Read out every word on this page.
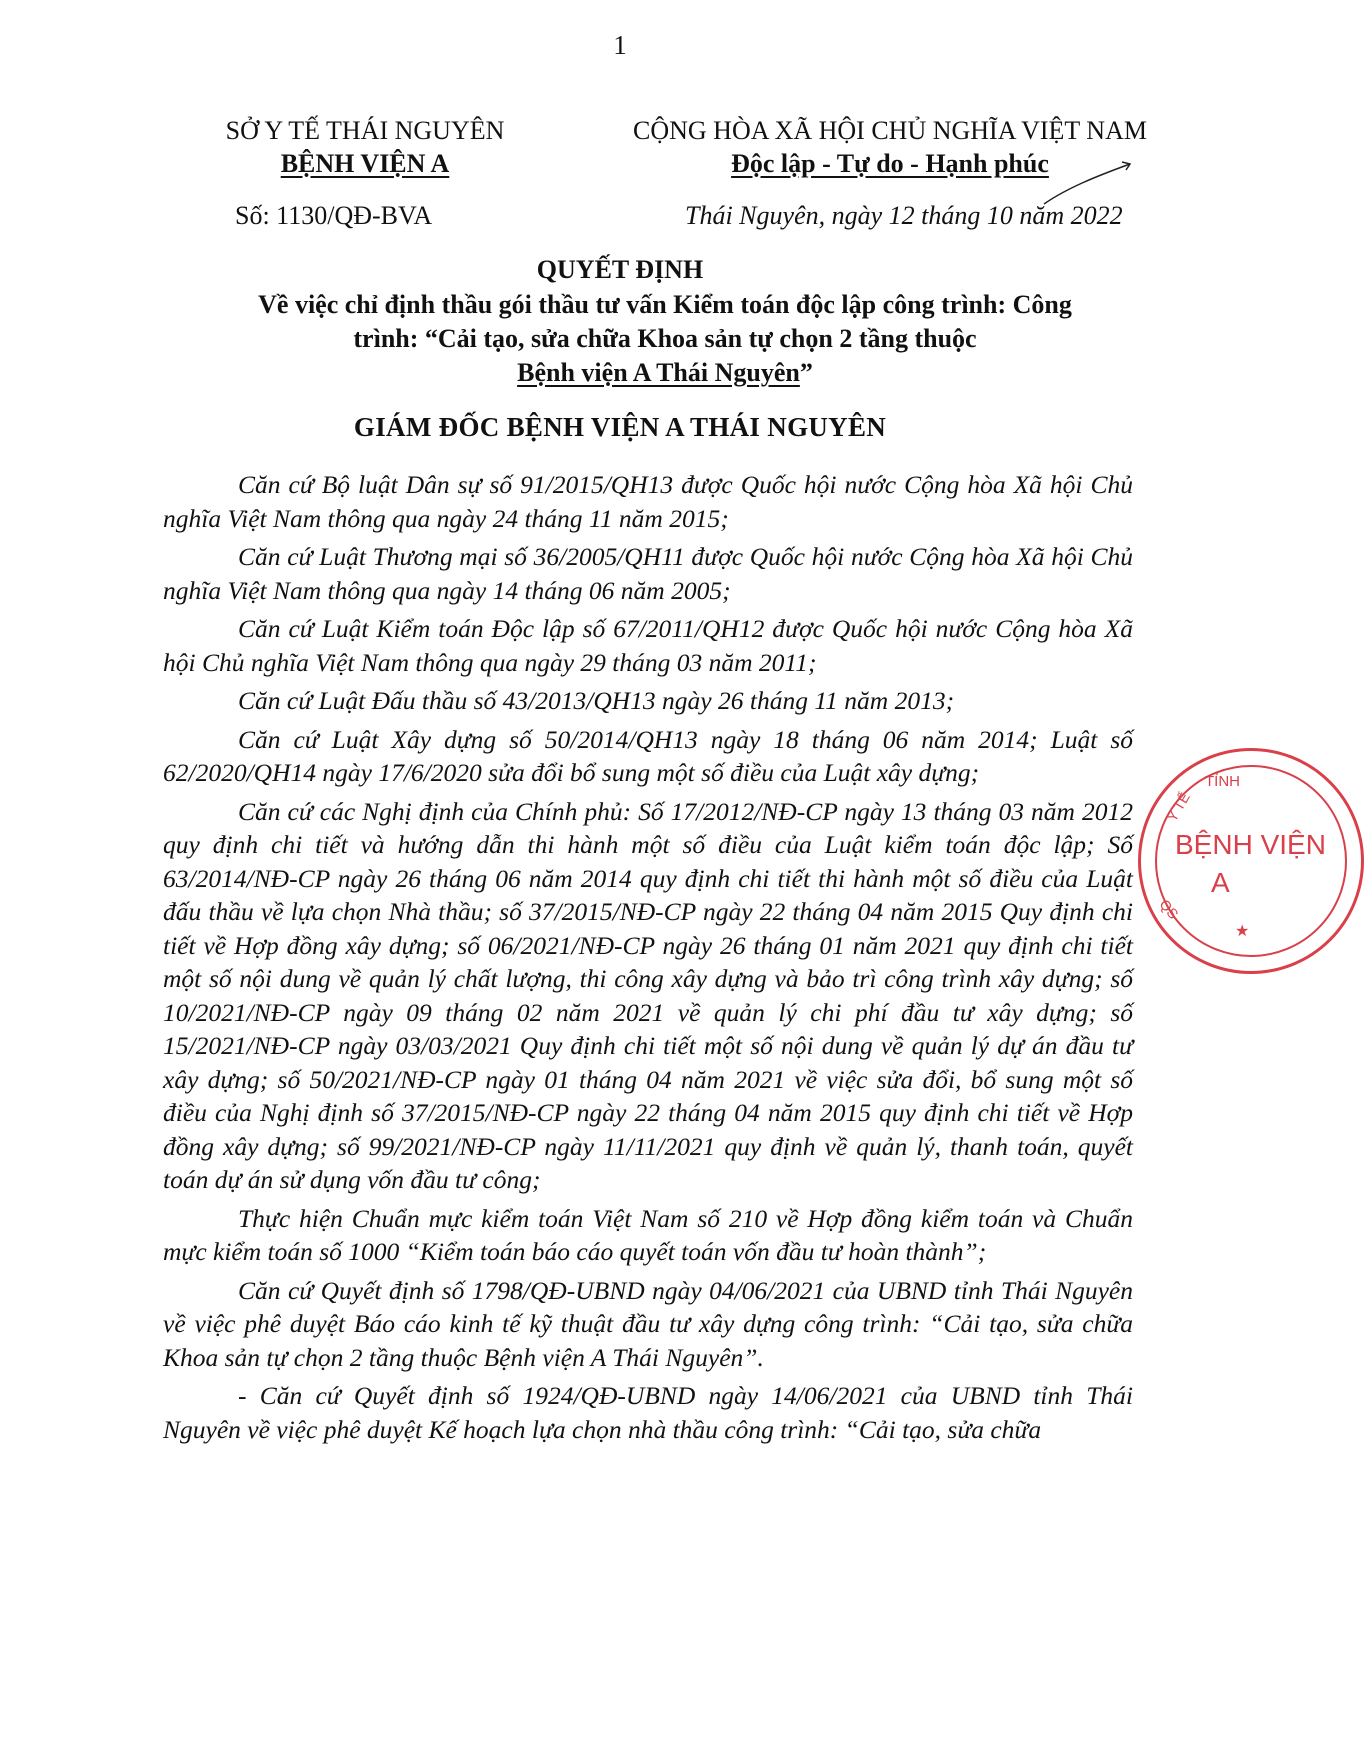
1
SỞ Y TẾ THÁI NGUYÊN
BỆNH VIỆN A
CỘNG HÒA XÃ HỘI CHỦ NGHĨA VIỆT NAM
Độc lập - Tự do - Hạnh phúc
Số: 1130/QĐ-BVA	Thái Nguyên, ngày 12 tháng 10 năm 2022
QUYẾT ĐỊNH
Về việc chỉ định thầu gói thầu tư vấn Kiểm toán độc lập công trình: Công
trình: “Cải tạo, sửa chữa Khoa sản tự chọn 2 tầng thuộc
Bệnh viện A Thái Nguyên”
GIÁM ĐỐC BỆNH VIỆN A THÁI NGUYÊN

Căn cứ Bộ luật Dân sự số 91/2015/QH13 được Quốc hội nước Cộng hòa Xã hội Chủ nghĩa Việt Nam thông qua ngày 24 tháng 11 năm 2015;

Căn cứ Luật Thương mại số 36/2005/QH11 được Quốc hội nước Cộng hòa Xã hội Chủ nghĩa Việt Nam thông qua ngày 14 tháng 06 năm 2005;

Căn cứ Luật Kiểm toán Độc lập số 67/2011/QH12 được Quốc hội nước Cộng hòa Xã hội Chủ nghĩa Việt Nam thông qua ngày 29 tháng 03 năm 2011;

Căn cứ Luật Đấu thầu số 43/2013/QH13 ngày 26 tháng 11 năm 2013;

Căn cứ Luật Xây dựng số 50/2014/QH13 ngày 18 tháng 06 năm 2014; Luật số 62/2020/QH14 ngày 17/6/2020 sửa đổi bổ sung một số điều của Luật xây dựng;

Căn cứ các Nghị định của Chính phủ: Số 17/2012/NĐ-CP ngày 13 tháng 03 năm 2012 quy định chi tiết và hướng dẫn thi hành một số điều của Luật kiểm toán độc lập; Số 63/2014/NĐ-CP ngày 26 tháng 06 năm 2014 quy định chi tiết thi hành một số điều của Luật đấu thầu về lựa chọn Nhà thầu; số 37/2015/NĐ-CP ngày 22 tháng 04 năm 2015 Quy định chi tiết về Hợp đồng xây dựng; số 06/2021/NĐ-CP ngày 26 tháng 01 năm 2021 quy định chi tiết một số nội dung về quản lý chất lượng, thi công xây dựng và bảo trì công trình xây dựng; số 10/2021/NĐ-CP ngày 09 tháng 02 năm 2021 về quản lý chi phí đầu tư xây dựng; số 15/2021/NĐ-CP ngày 03/03/2021 Quy định chi tiết một số nội dung về quản lý dự án đầu tư xây dựng; số 50/2021/NĐ-CP ngày 01 tháng 04 năm 2021 về việc sửa đổi, bổ sung một số điều của Nghị định số 37/2015/NĐ-CP ngày 22 tháng 04 năm 2015 quy định chi tiết về Hợp đồng xây dựng; số 99/2021/NĐ-CP ngày 11/11/2021 quy định về quản lý, thanh toán, quyết toán dự án sử dụng vốn đầu tư công;

Thực hiện Chuẩn mực kiểm toán Việt Nam số 210 về Hợp đồng kiểm toán và Chuẩn mực kiểm toán số 1000 “Kiểm toán báo cáo quyết toán vốn đầu tư hoàn thành”;

Căn cứ Quyết định số 1798/QĐ-UBND ngày 04/06/2021 của UBND tỉnh Thái Nguyên về việc phê duyệt Báo cáo kinh tế kỹ thuật đầu tư xây dựng công trình: “Cải tạo, sửa chữa Khoa sản tự chọn 2 tầng thuộc Bệnh viện A Thái Nguyên”.

- Căn cứ Quyết định số 1924/QĐ-UBND ngày 14/06/2021 của UBND tỉnh Thái Nguyên về việc phê duyệt Kế hoạch lựa chọn nhà thầu công trình: “Cải tạo, sửa chữa

TỈNH
Y TẾ
BỆNH VIỆN
A
QS
★
